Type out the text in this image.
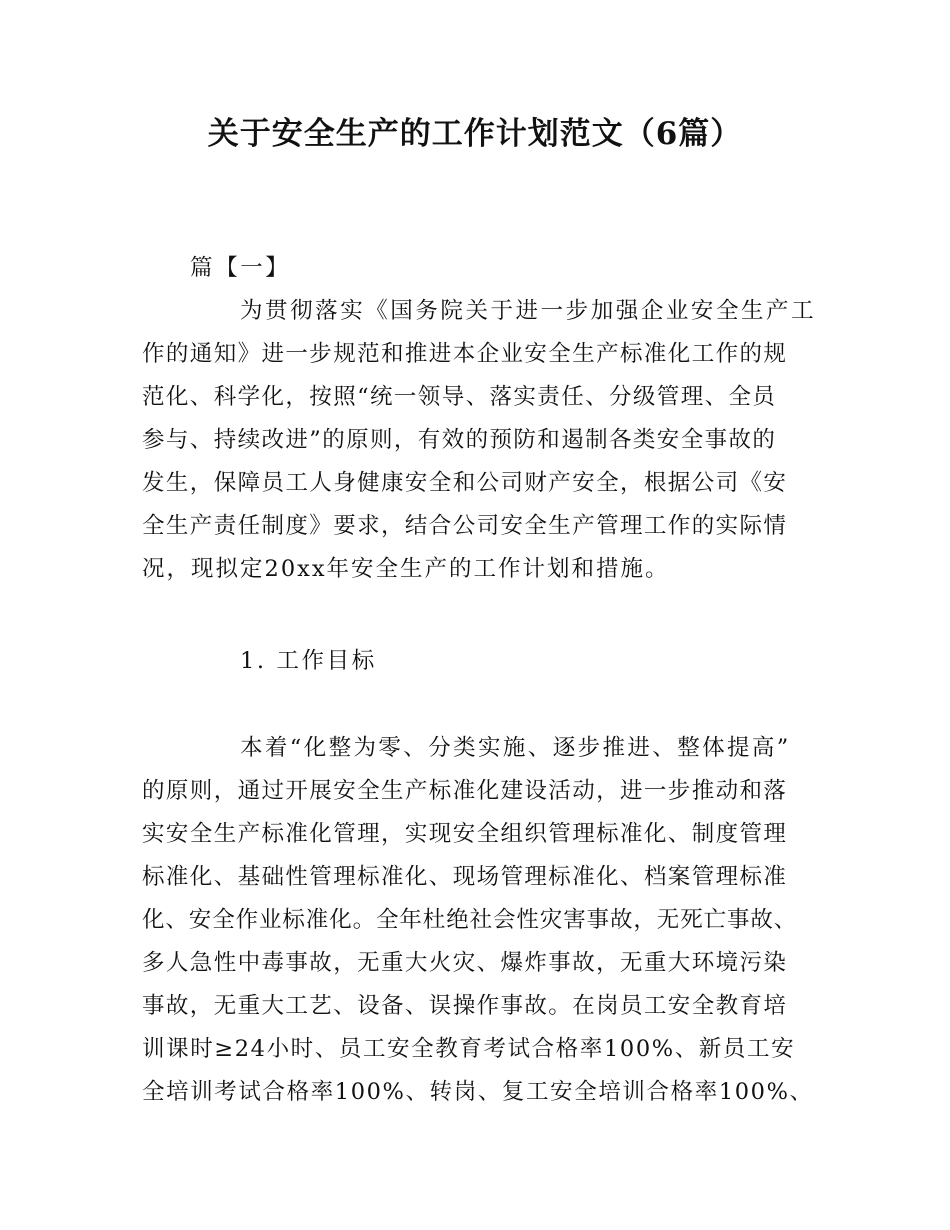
关于安全生产的工作计划范文（6篇）
篇【一】
为贯彻落实《国务院关于进一步加强企业安全生产工
作的通知》进一步规范和推进本企业安全生产标准化工作的规
范化、科学化，按照“统一领导、落实责任、分级管理、全员
参与、持续改进”的原则，有效的预防和遏制各类安全事故的
发生，保障员工人身健康安全和公司财产安全，根据公司《安
全生产责任制度》要求，结合公司安全生产管理工作的实际情
况，现拟定20xx年安全生产的工作计划和措施。
1. 工作目标
本着“化整为零、分类实施、逐步推进、整体提高”
的原则，通过开展安全生产标准化建设活动，进一步推动和落
实安全生产标准化管理，实现安全组织管理标准化、制度管理
标准化、基础性管理标准化、现场管理标准化、档案管理标准
化、安全作业标准化。全年杜绝社会性灾害事故，无死亡事故、
多人急性中毒事故，无重大火灾、爆炸事故，无重大环境污染
事故，无重大工艺、设备、误操作事故。在岗员工安全教育培
训课时≥24小时、员工安全教育考试合格率100%、新员工安
全培训考试合格率100%、转岗、复工安全培训合格率100%、
